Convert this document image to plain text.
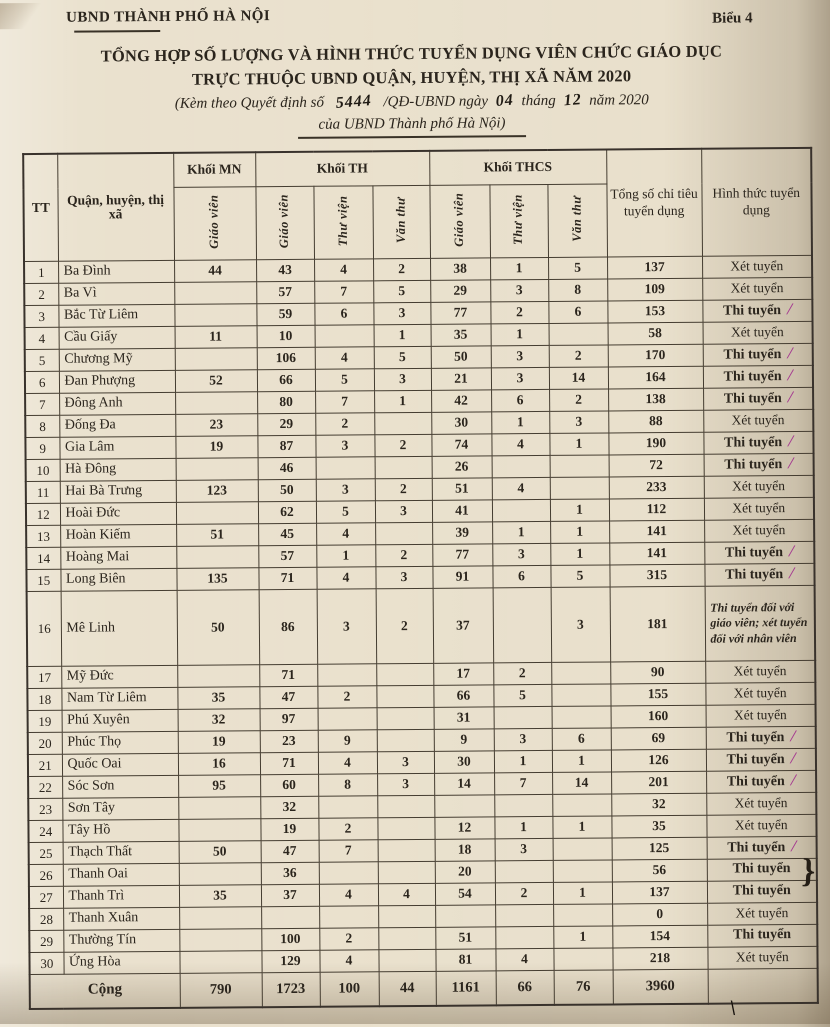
UBND THÀNH PHỐ HÀ NỘI	Biểu 4
TỔNG HỢP SỐ LƯỢNG VÀ HÌNH THỨC TUYỂN DỤNG VIÊN CHỨC GIÁO DỤC
TRỰC THUỘC UBND QUẬN, HUYỆN, THỊ XÃ NĂM 2020
(Kèm theo Quyết định số 5444 /QĐ-UBND ngày 04 tháng 12 năm 2020
của UBND Thành phố Hà Nội)
TT	Quận, huyện, thị xã	Khối MN	Khối TH			Khối THCS			Tổng số chỉ tiêu tuyển dụng	Hình thức tuyển dụng
		Giáo viên	Giáo viên	Thư viện	Văn thư	Giáo viên	Thư viện	Văn thư		
1	Ba Đình	44	43	4	2	38	1	5	137	Xét tuyển
2	Ba Vì		57	7	5	29	3	8	109	Xét tuyển
3	Bắc Từ Liêm		59	6	3	77	2	6	153	Thi tuyển /
4	Cầu Giấy	11	10		1	35	1		58	Xét tuyển
5	Chương Mỹ		106	4	5	50	3	2	170	Thi tuyển /
6	Đan Phượng	52	66	5	3	21	3	14	164	Thi tuyển /
7	Đông Anh		80	7	1	42	6	2	138	Thi tuyển /
8	Đống Đa	23	29	2		30	1	3	88	Xét tuyển
9	Gia Lâm	19	87	3	2	74	4	1	190	Thi tuyển /
10	Hà Đông		46			26			72	Thi tuyển /
11	Hai Bà Trưng	123	50	3	2	51	4		233	Xét tuyển
12	Hoài Đức		62	5	3	41		1	112	Xét tuyển
13	Hoàn Kiếm	51	45	4		39	1	1	141	Xét tuyển
14	Hoàng Mai		57	1	2	77	3	1	141	Thi tuyển /
15	Long Biên	135	71	4	3	91	6	5	315	Thi tuyển /
16	Mê Linh	50	86	3	2	37		3	181	Thi tuyển đối với giáo viên; xét tuyển đối với nhân viên
17	Mỹ Đức		71			17	2		90	Xét tuyển
18	Nam Từ Liêm	35	47	2		66	5		155	Xét tuyển
19	Phú Xuyên	32	97			31			160	Xét tuyển
20	Phúc Thọ	19	23	9		9	3	6	69	Thi tuyển /
21	Quốc Oai	16	71	4	3	30	1	1	126	Thi tuyển /
22	Sóc Sơn	95	60	8	3	14	7	14	201	Thi tuyển /
23	Sơn Tây		32						32	Xét tuyển
24	Tây Hồ		19	2		12	1	1	35	Xét tuyển
25	Thạch Thất	50	47	7		18	3		125	Thi tuyển /
26	Thanh Oai		36			20			56	Thi tuyển
27	Thanh Trì	35	37	4	4	54	2	1	137	Thi tuyển
28	Thanh Xuân								0	Xét tuyển
29	Thường Tín		100	2		51		1	154	Thi tuyển
30	Ứng Hòa		129	4		81	4		218	Xét tuyển
Cộng		790	1723	100	44	1161	66	76	3960	
\
}
